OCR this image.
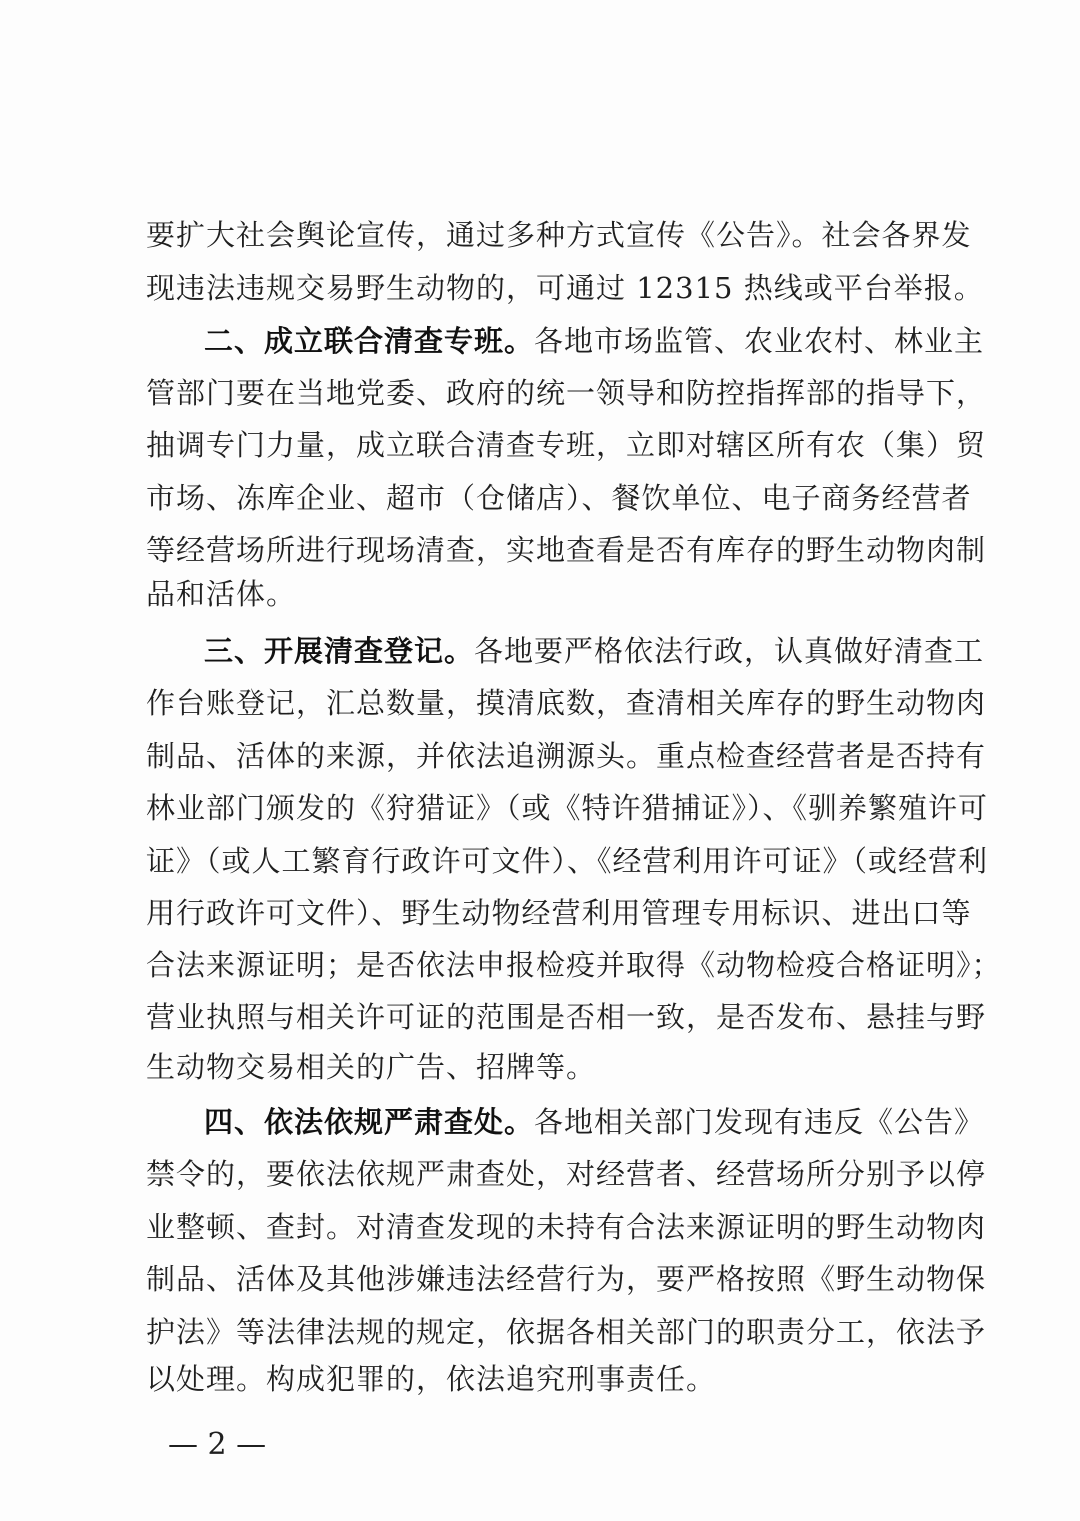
要扩大社会舆论宣传，通过多种方式宣传《公告》。社会各界发
现违法违规交易野生动物的，可通过 12315 热线或平台举报。
二、成立联合清查专班。各地市场监管、农业农村、林业主
管部门要在当地党委、政府的统一领导和防控指挥部的指导下，
抽调专门力量，成立联合清查专班，立即对辖区所有农（集）贸
市场、冻库企业、超市（仓储店）、餐饮单位、电子商务经营者
等经营场所进行现场清查，实地查看是否有库存的野生动物肉制
品和活体。
三、开展清查登记。各地要严格依法行政，认真做好清查工
作台账登记，汇总数量，摸清底数，查清相关库存的野生动物肉
制品、活体的来源，并依法追溯源头。重点检查经营者是否持有
林业部门颁发的《狩猎证》（或《特许猎捕证》）、《驯养繁殖许可
证》（或人工繁育行政许可文件）、《经营利用许可证》（或经营利
用行政许可文件）、野生动物经营利用管理专用标识、进出口等
合法来源证明；是否依法申报检疫并取得《动物检疫合格证明》；
营业执照与相关许可证的范围是否相一致，是否发布、悬挂与野
生动物交易相关的广告、招牌等。
四、依法依规严肃查处。各地相关部门发现有违反《公告》
禁令的，要依法依规严肃查处，对经营者、经营场所分别予以停
业整顿、查封。对清查发现的未持有合法来源证明的野生动物肉
制品、活体及其他涉嫌违法经营行为，要严格按照《野生动物保
护法》等法律法规的规定，依据各相关部门的职责分工，依法予
以处理。构成犯罪的，依法追究刑事责任。
— 2 —
